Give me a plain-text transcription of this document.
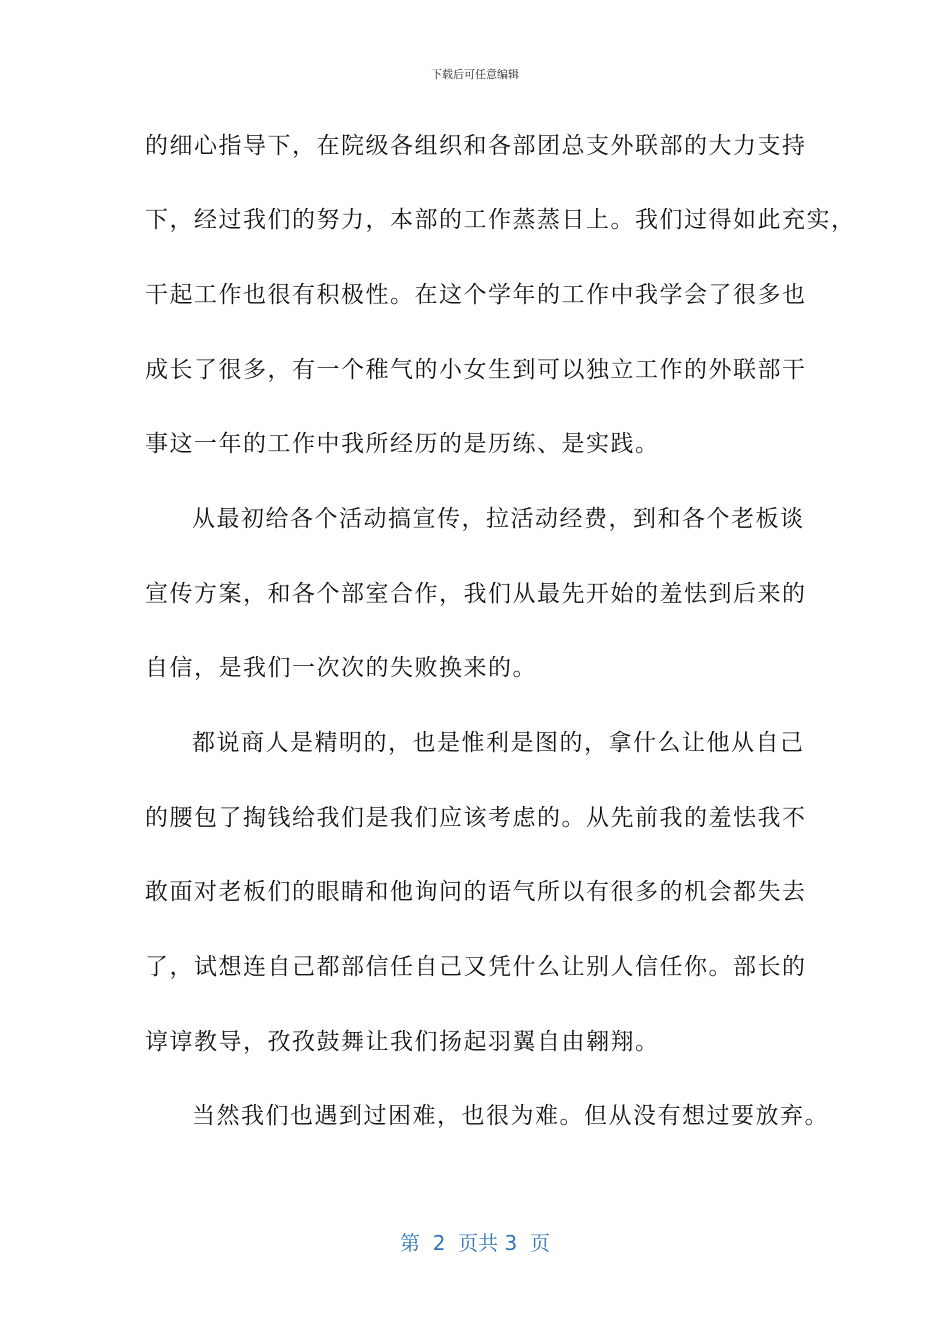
下载后可任意编辑
的细心指导下，在院级各组织和各部团总支外联部的大力支持
下，经过我们的努力，本部的工作蒸蒸日上。我们过得如此充实，
干起工作也很有积极性。在这个学年的工作中我学会了很多也
成长了很多，有一个稚气的小女生到可以独立工作的外联部干
事这一年的工作中我所经历的是历练、是实践。
从最初给各个活动搞宣传，拉活动经费，到和各个老板谈
宣传方案，和各个部室合作，我们从最先开始的羞怯到后来的
自信，是我们一次次的失败换来的。
都说商人是精明的，也是惟利是图的，拿什么让他从自己
的腰包了掏钱给我们是我们应该考虑的。从先前我的羞怯我不
敢面对老板们的眼睛和他询问的语气所以有很多的机会都失去
了，试想连自己都部信任自己又凭什么让别人信任你。部长的
谆谆教导，孜孜鼓舞让我们扬起羽翼自由翱翔。
当然我们也遇到过困难，也很为难。但从没有想过要放弃。
第  2  页共 3  页
